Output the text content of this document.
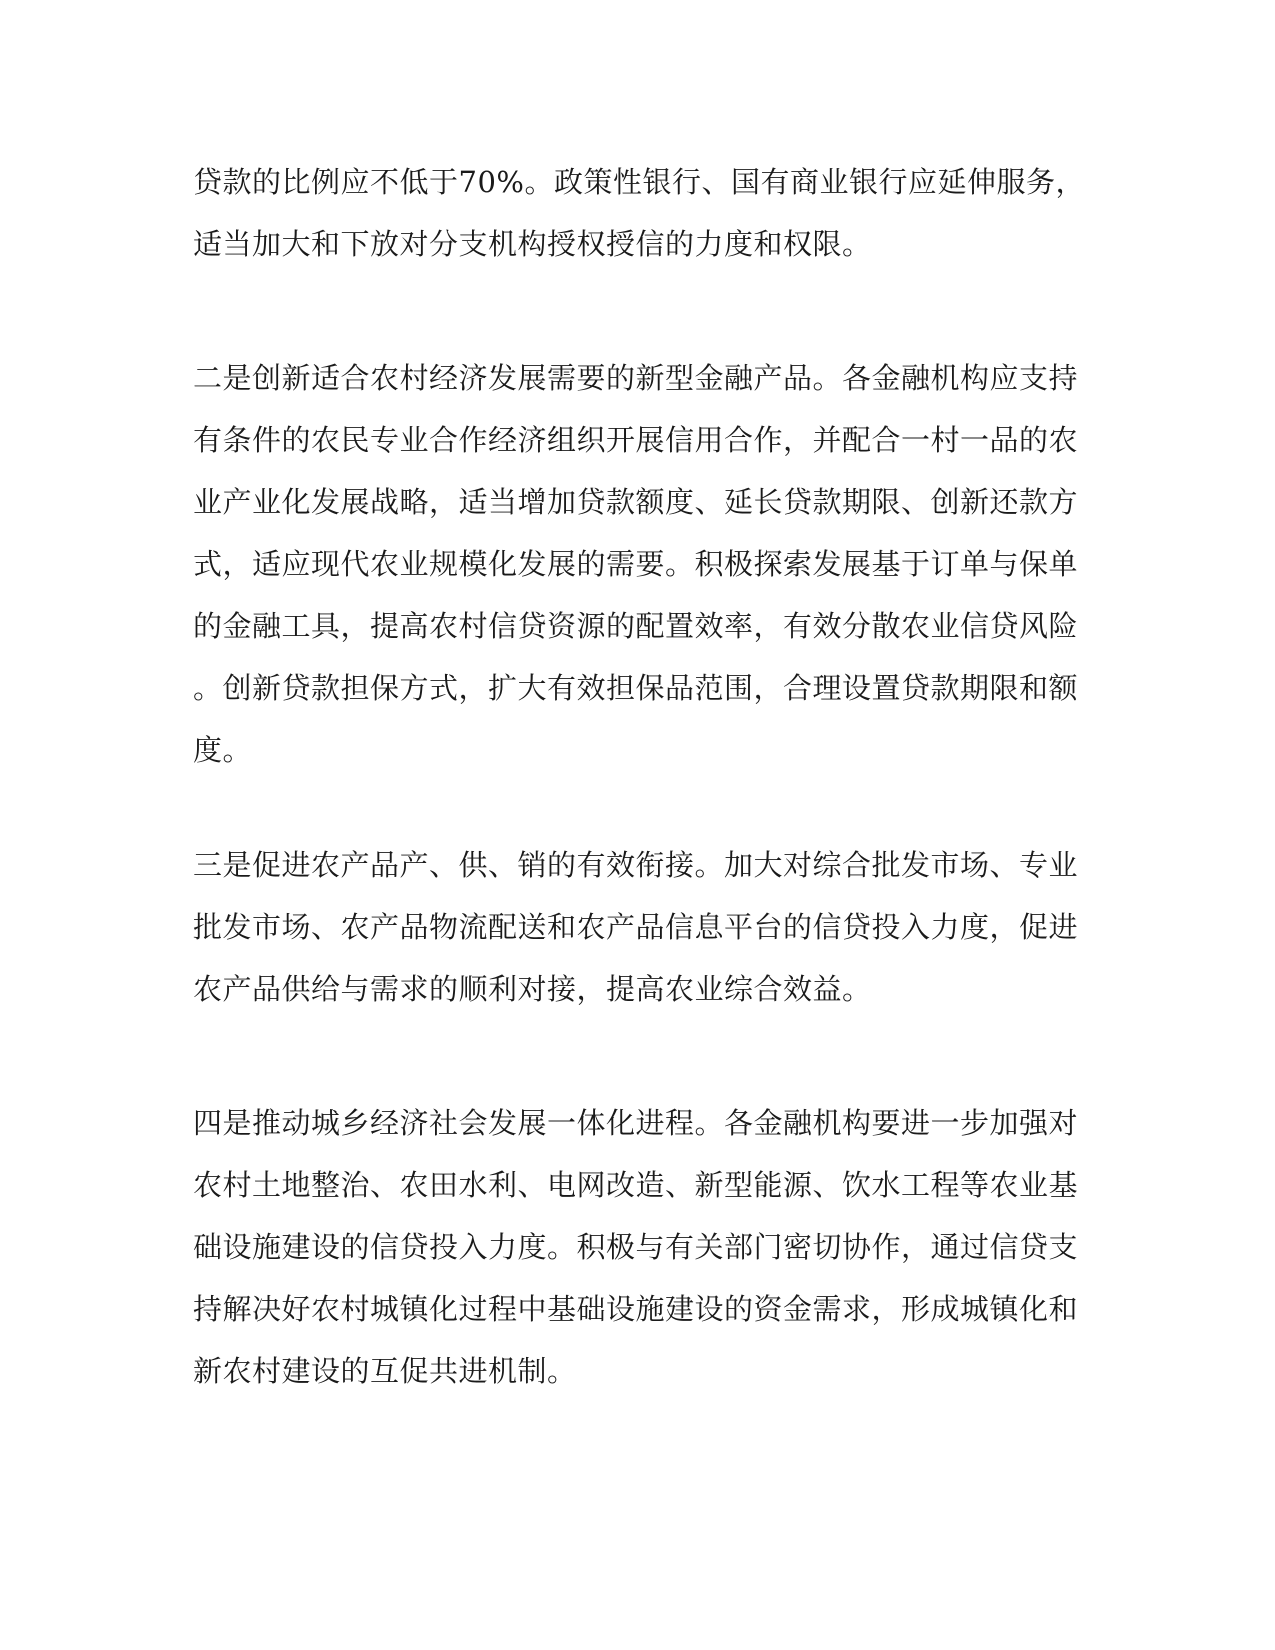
贷款的比例应不低于70%。政策性银行、国有商业银行应延伸服务，
适当加大和下放对分支机构授权授信的力度和权限。
二是创新适合农村经济发展需要的新型金融产品。各金融机构应支持
有条件的农民专业合作经济组织开展信用合作，并配合一村一品的农
业产业化发展战略，适当增加贷款额度、延长贷款期限、创新还款方
式，适应现代农业规模化发展的需要。积极探索发展基于订单与保单
的金融工具，提高农村信贷资源的配置效率，有效分散农业信贷风险
。创新贷款担保方式，扩大有效担保品范围，合理设置贷款期限和额
度。
三是促进农产品产、供、销的有效衔接。加大对综合批发市场、专业
批发市场、农产品物流配送和农产品信息平台的信贷投入力度，促进
农产品供给与需求的顺利对接，提高农业综合效益。
四是推动城乡经济社会发展一体化进程。各金融机构要进一步加强对
农村土地整治、农田水利、电网改造、新型能源、饮水工程等农业基
础设施建设的信贷投入力度。积极与有关部门密切协作，通过信贷支
持解决好农村城镇化过程中基础设施建设的资金需求，形成城镇化和
新农村建设的互促共进机制。
